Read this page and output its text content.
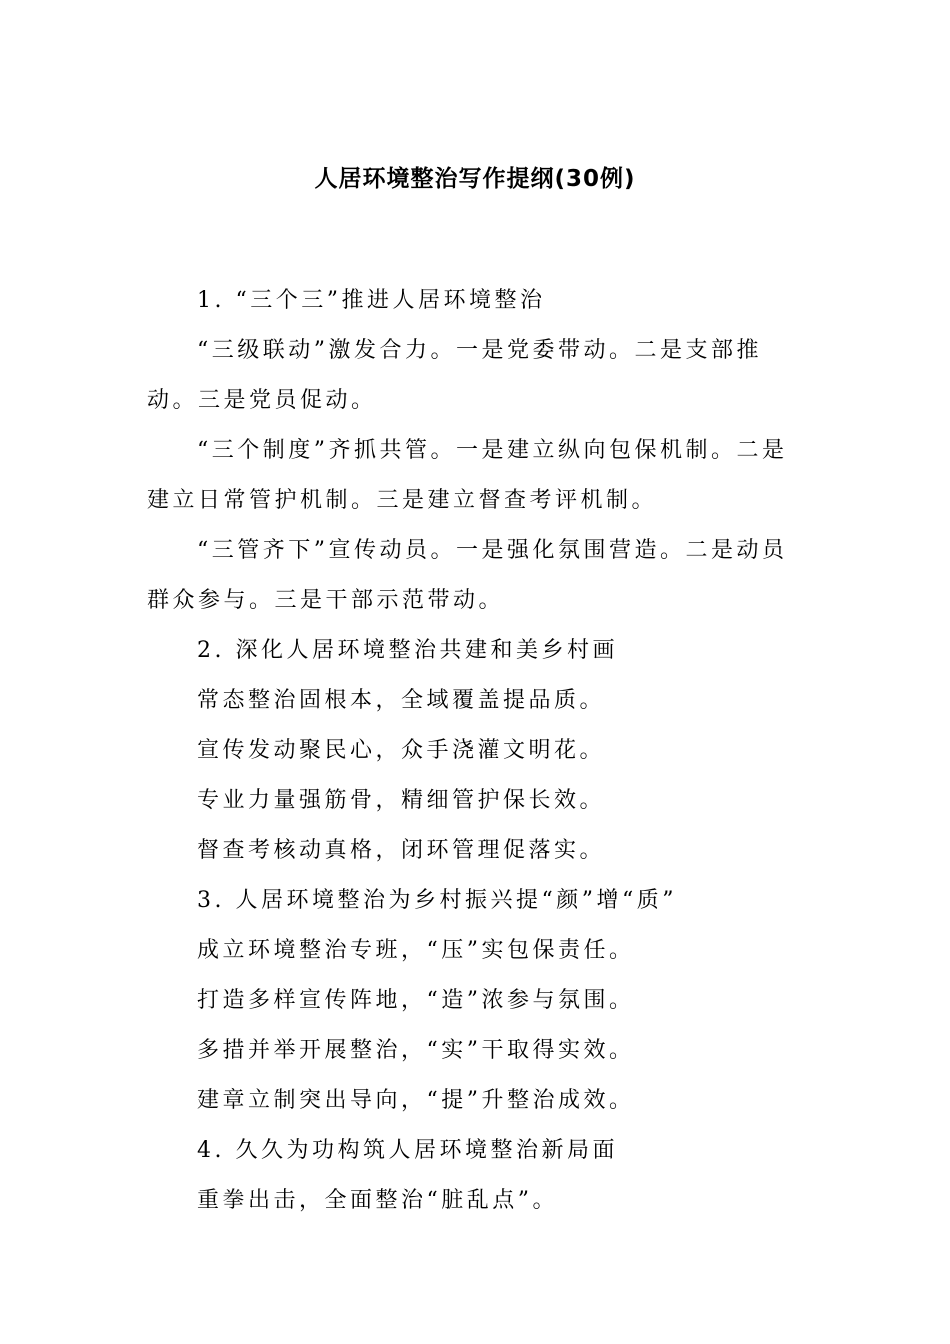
人居环境整治写作提纲(30例)

1. “三个三”推进人居环境整治

“三级联动”激发合力。一是党委带动。二是支部推动。三是党员促动。

“三个制度”齐抓共管。一是建立纵向包保机制。二是建立日常管护机制。三是建立督查考评机制。

“三管齐下”宣传动员。一是强化氛围营造。二是动员群众参与。三是干部示范带动。

2. 深化人居环境整治共建和美乡村画

常态整治固根本，全域覆盖提品质。

宣传发动聚民心，众手浇灌文明花。

专业力量强筋骨，精细管护保长效。

督查考核动真格，闭环管理促落实。

3. 人居环境整治为乡村振兴提“颜”增“质”

成立环境整治专班，“压”实包保责任。

打造多样宣传阵地，“造”浓参与氛围。

多措并举开展整治，“实”干取得实效。

建章立制突出导向，“提”升整治成效。

4. 久久为功构筑人居环境整治新局面

重拳出击，全面整治“脏乱点”。
